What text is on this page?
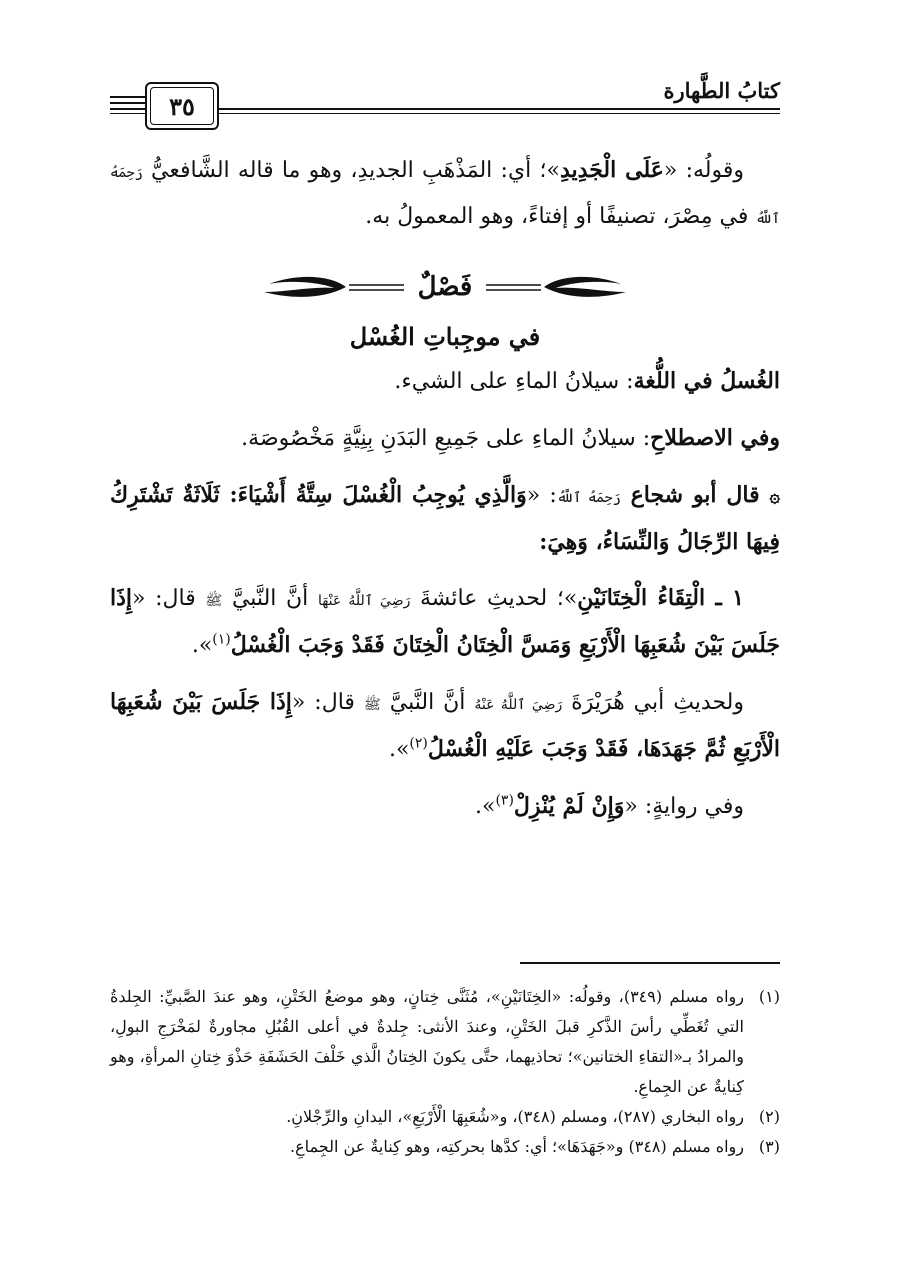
كتابُ الطَّهارة
٣٥

وقولُه: «عَلَى الْجَدِيدِ»؛ أي: المَذْهَبِ الجديدِ، وهو ما قاله الشَّافعيُّ رَحِمَهُ ٱللَّهُ في مِصْرَ، تصنيفًا أو إفتاءً، وهو المعمولُ به.

فَصْلٌ

في موجِباتِ الغُسْل

الغُسلُ في اللُّغة: سيلانُ الماءِ على الشيء.

وفي الاصطلاحِ: سيلانُ الماءِ على جَمِيعِ البَدَنِ بِنِيَّةٍ مَخْصُوصَة.

۞ قال أبو شجاع رَحِمَهُ ٱللَّهُ: «وَالَّذِي يُوجِبُ الْغُسْلَ سِتَّةُ أَشْيَاءَ: ثَلَاثَةٌ تَشْتَرِكُ فِيهَا الرِّجَالُ وَالنِّسَاءُ، وَهِيَ:

١ ـ الْتِقَاءُ الْخِتَانَيْنِ»؛ لحديثِ عائشةَ رَضِيَ ٱللَّهُ عَنْهَا أنَّ النَّبيَّ ﷺ قال: «إِذَا جَلَسَ بَيْنَ شُعَبِهَا الْأَرْبَعِ وَمَسَّ الْخِتَانُ الْخِتَانَ فَقَدْ وَجَبَ الْغُسْلُ$^{(١)}$».

ولحديثِ أبي هُرَيْرَةَ رَضِيَ ٱللَّهُ عَنْهُ أنَّ النَّبيَّ ﷺ قال: «إِذَا جَلَسَ بَيْنَ شُعَبِهَا الْأَرْبَعِ ثُمَّ جَهَدَهَا، فَقَدْ وَجَبَ عَلَيْهِ الْغُسْلُ$^{(٢)}$».

وفي روايةٍ: «وَإِنْ لَمْ يُنْزِلْ$^{(٣)}$».

(١)
رواه مسلم (٣٤٩)، وقولُه: «الخِتَانَيْنِ»، مُثَنَّى خِتانٍ، وهو موضعُ الخَتْنِ، وهو عندَ الصَّبيِّ: الجِلدةُ التي تُغَطِّي رأسَ الذَّكرِ قبلَ الخَتْنِ، وعندَ الأنثى: جِلدةٌ في أعلى القُبُلِ مجاورةٌ لمَخْرَجِ البولِ، والمرادُ بـ«التقاءِ الختانين»؛ تحاذيهما، حتَّى يكونَ الخِتانُ الَّذي خَلْفَ الحَشَفَةِ حَذْوَ خِتانِ المرأةِ، وهو كِنايةٌ عن الجِماعِ.
(٢)
رواه البخاري (٢٨٧)، ومسلم (٣٤٨)، و«شُعَبِهَا الْأَرْبَعِ»، اليدانِ والرِّجْلانِ.
(٣)
رواه مسلم (٣٤٨) و«جَهَدَهَا»؛ أي: كدَّها بحركتِه، وهو كِنايةٌ عن الجِماعِ.
